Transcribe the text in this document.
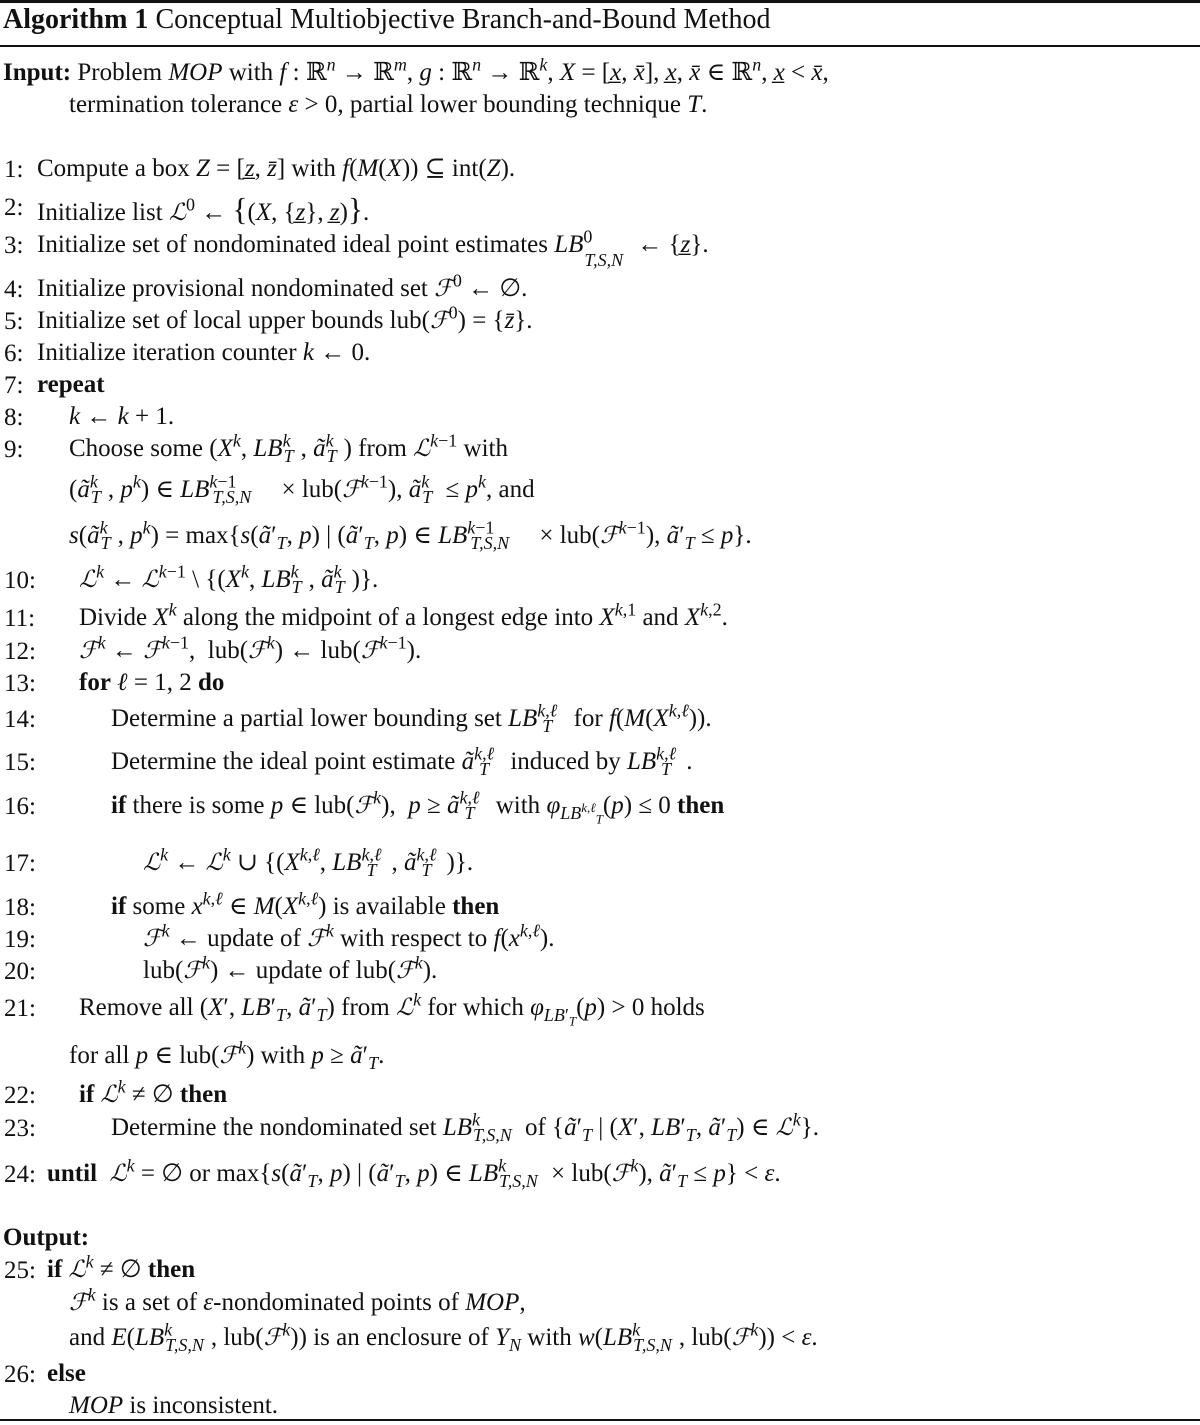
Algorithm 1 Conceptual Multiobjective Branch-and-Bound Method
Input: Problem MOP with f : ℝ$^n$ → ℝ$^m$, g : ℝ$^n$ → ℝ$^k$, X = [x̲, x̄], x̲, x̄ ∈ ℝ$^n$, x̲ < x̄,
termination tolerance ε > 0, partial lower bounding technique T.
1: Compute a box Z = [z̲, z̄] with f(M(X)) ⊆ int(Z).
2: Initialize list ℒ$^0$ ← {(X, {z̲}, z̲)}.
3: Initialize set of nondominated ideal point estimates $LB^0_{T,S,N}$ ← {z̲}.
4: Initialize provisional nondominated set ℱ$^0$ ← ∅.
5: Initialize set of local upper bounds lub(ℱ$^0$) = {z̄}.
6: Initialize iteration counter k ← 0.
7: repeat
8: k ← k + 1.
9: Choose some ($X^k$, $LB^k_T$ , $ã^k_T$ ) from ℒ$^{k-1}$ with
($ã^k_T$ , $p^k$) ∈ $LB^{k-1}_{T,S,N}$ × lub(ℱ$^{k-1}$), $ã^k_T \le p^k$, and
$s(ã^k_T$ , $p^k$) = $\max\{s(ã'_T$, p) | ($ã'_T$, p) ∈ $LB^{k-1}_{T,S,N}$ × lub(ℱ$^{k-1}$), $ã'_T \le p$}.
10: ℒ$^k$ ← ℒ$^{k-1}$ \ {($X^k$, $LB^k_T$ , $ã^k_T$ )}.
11: Divide $X^k$ along the midpoint of a longest edge into X$^{k,1}$ and X$^{k,2}$.
12: ℱ$^k$ ← ℱ$^{k-1}$,  lub(ℱ$^k$) ← lub(ℱ$^{k-1}$).
13: for ℓ = 1, 2 do
14:	Determine a partial lower bounding set $LB^{k,\ell}_T$ for $f(M(X^{k,\ell}))$.
15:	Determine the ideal point estimate $ã^{k,\ell}_T$ induced by $LB^{k,\ell}_T$ .
16:	if there is some p ∈ lub(ℱ$^k$),  $p \ge ã^{k,\ell}_T$ with $\varphi_{LB^{k,\ell}_T}(p) \le 0$ then
17:	ℒ$^k$ ← ℒ$^k$ ∪ {($X^{k,\ell}$, $LB^{k,\ell}_T$ , $ã^{k,\ell}_T$ )}.
18:	if some $x^{k,\ell}$ ∈ $M(X^{k,\ell})$ is available then
19:	ℱ$^k$ ← update of ℱ$^k$ with respect to $f(x^{k,\ell})$.
20:	lub(ℱ$^k$) ← update of lub(ℱ$^k$).
21: Remove all (X′, $LB'_T$, $ã'_T$) from ℒ$^k$ for which $\varphi_{LB'_T}(p) > 0$ holds
for all p ∈ lub(ℱ$^k$) with $p \ge ã'_T$.
22: if ℒ$^k$ ≠ ∅ then
23:	Determine the nondominated set $LB^k_{T,S,N}$ of {$ã'_T$ | (X′, $LB'_T$, $ã'_T$) ∈ ℒ$^k$}.
24: until ℒ$^k$ = ∅ or $\max\{s(ã'_T$, p) | ($ã'_T$, p) ∈ $LB^k_{T,S,N}$ × lub(ℱ$^k$), $ã'_T \le p\} < \varepsilon$.
Output:
25: if ℒ$^k$ ≠ ∅ then
ℱ$^k$ is a set of ε-nondominated points of MOP,
and $E(LB^k_{T,S,N}$ , lub(ℱ$^k$)) is an enclosure of $Y_N$ with $w(LB^k_{T,S,N}$ , lub(ℱ$^k$)) < ε.
26: else
MOP is inconsistent.
